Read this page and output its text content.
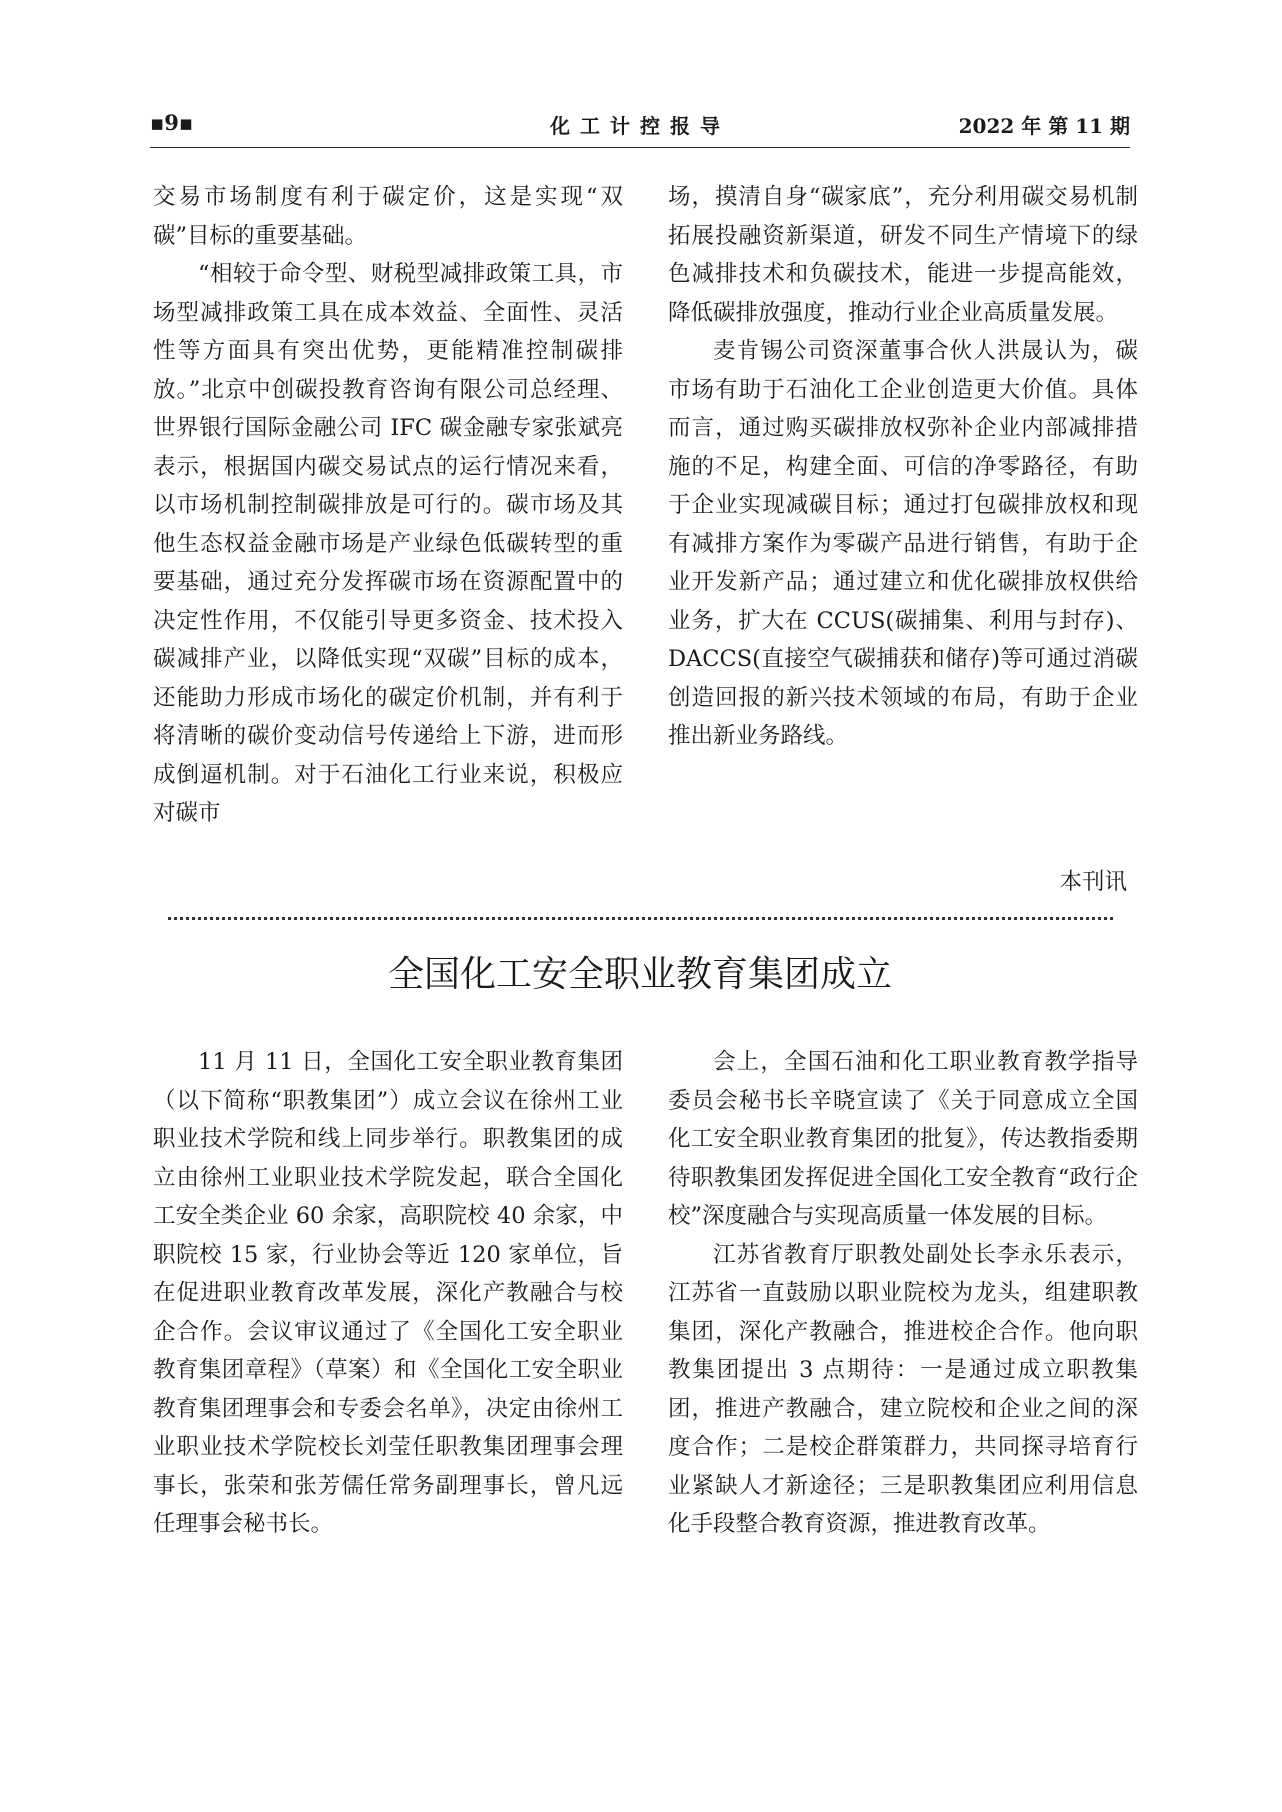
▪9▪	化工计控报导	2022 年 第 11 期

交易市场制度有利于碳定价，这是实现“双碳”目标的重要基础。

“相较于命令型、财税型减排政策工具，市场型减排政策工具在成本效益、全面性、灵活性等方面具有突出优势，更能精准控制碳排放。”北京中创碳投教育咨询有限公司总经理、世界银行国际金融公司 IFC 碳金融专家张斌亮表示，根据国内碳交易试点的运行情况来看，以市场机制控制碳排放是可行的。碳市场及其他生态权益金融市场是产业绿色低碳转型的重要基础，通过充分发挥碳市场在资源配置中的决定性作用，不仅能引导更多资金、技术投入碳减排产业，以降低实现“双碳”目标的成本，还能助力形成市场化的碳定价机制，并有利于将清晰的碳价变动信号传递给上下游，进而形成倒逼机制。对于石油化工行业来说，积极应对碳市

场，摸清自身“碳家底”，充分利用碳交易机制拓展投融资新渠道，研发不同生产情境下的绿色减排技术和负碳技术，能进一步提高能效，降低碳排放强度，推动行业企业高质量发展。

麦肯锡公司资深董事合伙人洪晟认为，碳市场有助于石油化工企业创造更大价值。具体而言，通过购买碳排放权弥补企业内部减排措施的不足，构建全面、可信的净零路径，有助于企业实现减碳目标；通过打包碳排放权和现有减排方案作为零碳产品进行销售，有助于企业开发新产品；通过建立和优化碳排放权供给业务，扩大在 CCUS(碳捕集、利用与封存)、DACCS(直接空气碳捕获和储存)等可通过消碳创造回报的新兴技术领域的布局，有助于企业推出新业务路线。

本刊讯
全国化工安全职业教育集团成立

11 月 11 日，全国化工安全职业教育集团（以下简称“职教集团”）成立会议在徐州工业职业技术学院和线上同步举行。职教集团的成立由徐州工业职业技术学院发起，联合全国化工安全类企业 60 余家，高职院校 40 余家，中职院校 15 家，行业协会等近 120 家单位，旨在促进职业教育改革发展，深化产教融合与校企合作。会议审议通过了《全国化工安全职业教育集团章程》（草案）和《全国化工安全职业教育集团理事会和专委会名单》，决定由徐州工业职业技术学院校长刘莹任职教集团理事会理事长，张荣和张芳儒任常务副理事长，曾凡远任理事会秘书长。

会上，全国石油和化工职业教育教学指导委员会秘书长辛晓宣读了《关于同意成立全国化工安全职业教育集团的批复》，传达教指委期待职教集团发挥促进全国化工安全教育“政行企校”深度融合与实现高质量一体发展的目标。

江苏省教育厅职教处副处长李永乐表示，江苏省一直鼓励以职业院校为龙头，组建职教集团，深化产教融合，推进校企合作。他向职教集团提出 3 点期待：一是通过成立职教集团，推进产教融合，建立院校和企业之间的深度合作；二是校企群策群力，共同探寻培育行业紧缺人才新途径；三是职教集团应利用信息化手段整合教育资源，推进教育改革。
